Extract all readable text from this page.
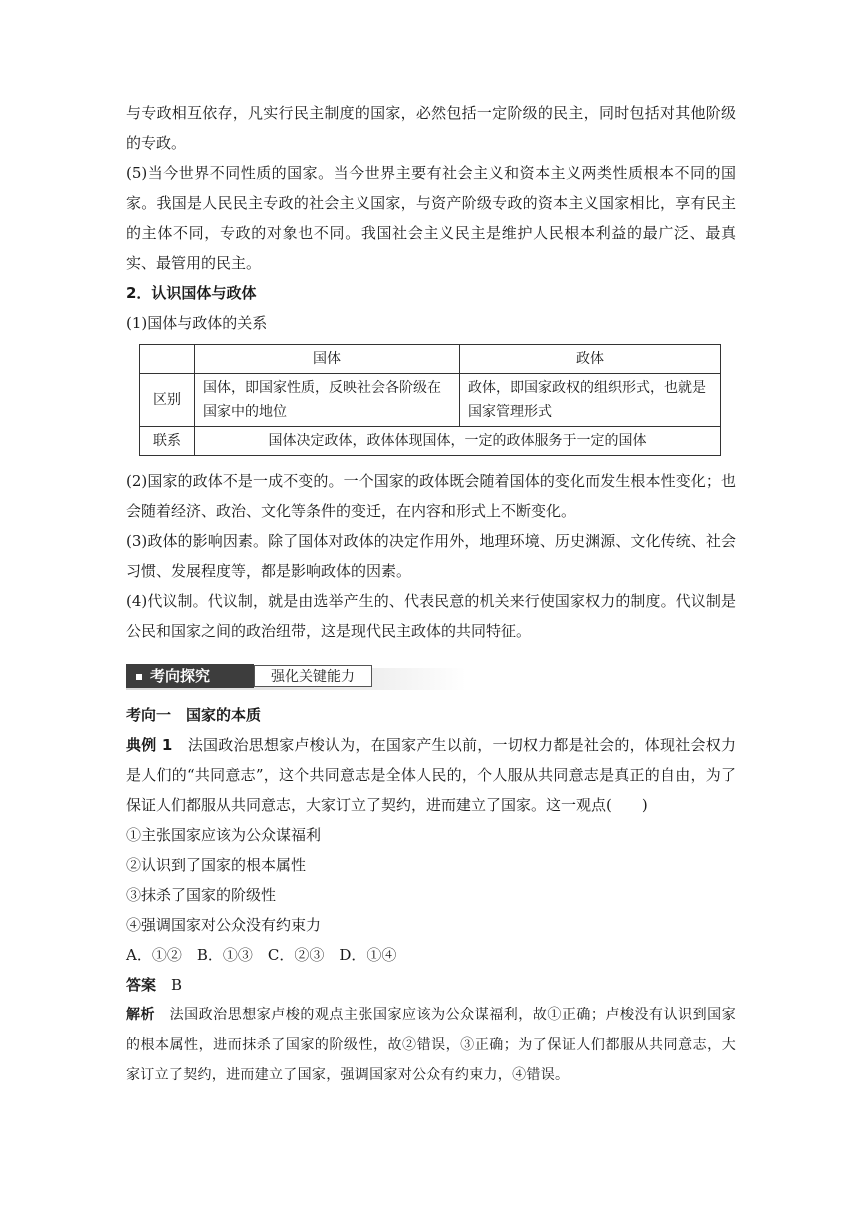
与专政相互依存，凡实行民主制度的国家，必然包括一定阶级的民主，同时包括对其他阶级的专政。

(5)当今世界不同性质的国家。当今世界主要有社会主义和资本主义两类性质根本不同的国家。我国是人民民主专政的社会主义国家，与资产阶级专政的资本主义国家相比，享有民主的主体不同，专政的对象也不同。我国社会主义民主是维护人民根本利益的最广泛、最真实、最管用的民主。

2．认识国体与政体

(1)国体与政体的关系

	国体	政体
区别	国体，即国家性质，反映社会各阶级在国家中的地位	政体，即国家政权的组织形式，也就是国家管理形式
联系	国体决定政体，政体体现国体，一定的政体服务于一定的国体	

(2)国家的政体不是一成不变的。一个国家的政体既会随着国体的变化而发生根本性变化；也会随着经济、政治、文化等条件的变迁，在内容和形式上不断变化。

(3)政体的影响因素。除了国体对政体的决定作用外，地理环境、历史渊源、文化传统、社会习惯、发展程度等，都是影响政体的因素。

(4)代议制。代议制，就是由选举产生的、代表民意的机关来行使国家权力的制度。代议制是公民和国家之间的政治纽带，这是现代民主政体的共同特征。

考向探究	强化关键能力

考向一　国家的本质

典例 1　法国政治思想家卢梭认为，在国家产生以前，一切权力都是社会的，体现社会权力是人们的“共同意志”，这个共同意志是全体人民的，个人服从共同意志是真正的自由，为了保证人们都服从共同意志，大家订立了契约，进而建立了国家。这一观点(　　)

①主张国家应该为公众谋福利

②认识到了国家的根本属性

③抹杀了国家的阶级性

④强调国家对公众没有约束力

A．①②　B．①③　C．②③　D．①④

答案　B

解析　法国政治思想家卢梭的观点主张国家应该为公众谋福利，故①正确；卢梭没有认识到国家的根本属性，进而抹杀了国家的阶级性，故②错误，③正确；为了保证人们都服从共同意志，大家订立了契约，进而建立了国家，强调国家对公众有约束力，④错误。
